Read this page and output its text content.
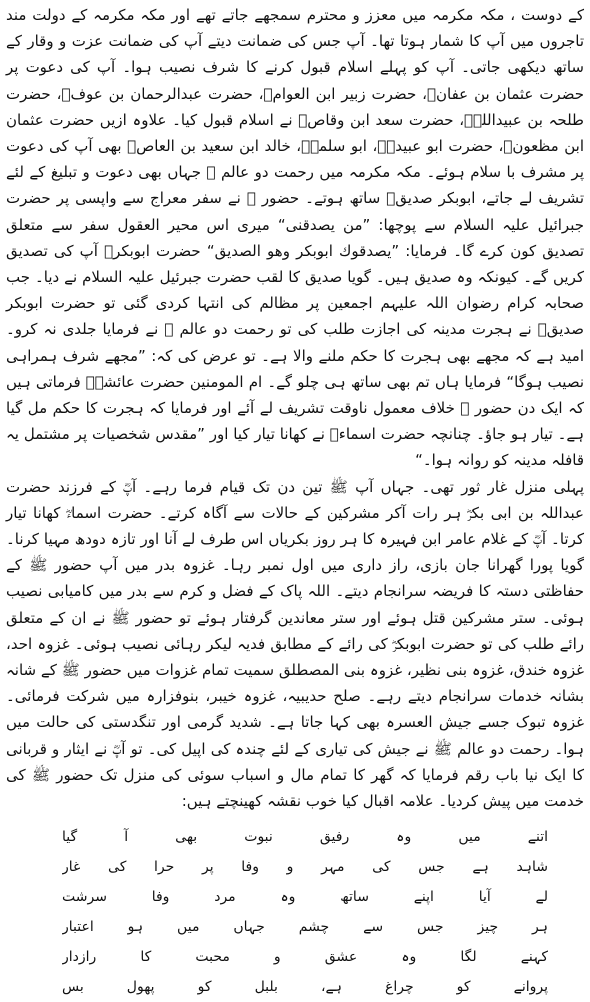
کے دوست ، مکہ مکرمہ میں معزز و محترم سمجھے جاتے تھے اور مکہ مکرمہ کے دولت مند تاجروں میں آپ کا شمار ہوتا تھا۔ آپ جس کی ضمانت دیتے آپ کی ضمانت عزت و وقار کے ساتھ دیکھی جاتی۔ آپ کو پہلے اسلام قبول کرنے کا شرف نصیب ہوا۔ آپ کی دعوت پر حضرت عثمان بن عفانؓ، حضرت زبیر ابن العوامؓ، حضرت عبدالرحمان بن عوفؓ، حضرت طلحہ بن عبیداللہؓ، حضرت سعد ابن وقاصؓ نے اسلام قبول کیا۔ علاوہ ازیں حضرت عثمان ابن مظعونؓ، حضرت ابو عبیدہؓ، ابو سلمہؓ، خالد ابن سعید بن العاصؓ بھی آپ کی دعوت پر مشرف با سلام ہوئے۔ مکہ مکرمہ میں رحمت دو عالم ﷺ جہاں بھی دعوت و تبلیغ کے لئے تشریف لے جاتے، ابوبکر صدیقؓ ساتھ ہوتے۔ حضور ﷺ نے سفر معراج سے واپسی پر حضرت جبرائیل علیہ السلام سے پوچھا: ”من یصدقنی“ میری اس محیر العقول سفر سے متعلق تصدیق کون کرے گا۔ فرمایا: ”یصدقوك ابوبکر وھو الصدیق“ حضرت ابوبکرؓ آپ کی تصدیق کریں گے۔ کیونکہ وہ صدیق ہیں۔ گویا صدیق کا لقب حضرت جبرئیل علیہ السلام نے دیا۔ جب صحابہ کرام رضوان اللہ علیہم اجمعین پر مظالم کی انتہا کردی گئی تو حضرت ابوبکر صدیقؓ نے ہجرت مدینہ کی اجازت طلب کی تو رحمت دو عالم ﷺ نے فرمایا جلدی نہ کرو۔ امید ہے کہ مجھے بھی ہجرت کا حکم ملنے والا ہے۔ تو عرض کی کہ: ”مجھے شرف ہمراہی نصیب ہوگا“ فرمایا ہاں تم بھی ساتھ ہی چلو گے۔ ام المومنین حضرت عائشہؓ فرماتی ہیں کہ ایک دن حضور ﷺ خلاف معمول ناوقت تشریف لے آئے اور فرمایا کہ ہجرت کا حکم مل گیا ہے۔ تیار ہو جاؤ۔ چنانچہ حضرت اسماءؓ نے کھانا تیار کیا اور ”مقدس شخصیات پر مشتمل یہ قافلہ مدینہ کو روانہ ہوا۔“

پہلی منزل غار ثور تھی۔ جہاں آپ ﷺ تین دن تک قیام فرما رہے۔ آپؓ کے فرزند حضرت عبداللہ بن ابی بکرؓ ہر رات آکر مشرکین کے حالات سے آگاہ کرتے۔ حضرت اسماءؓ کھانا تیار کرتا۔ آپؓ کے غلام عامر ابن فہیرہ کا ہر روز بکریاں اس طرف لے آنا اور تازہ دودھ مہیا کرنا۔ گویا پورا گھرانا جان بازی، راز داری میں اول نمبر رہا۔ غزوہ بدر میں آپ حضور ﷺ کے حفاظتی دستہ کا فریضہ سرانجام دیتے۔ اللہ پاک کے فضل و کرم سے بدر میں کامیابی نصیب ہوئی۔ ستر مشرکین قتل ہوئے اور ستر معاندین گرفتار ہوئے تو حضور ﷺ نے ان کے متعلق رائے طلب کی تو حضرت ابوبکرؓ کی رائے کے مطابق فدیہ لیکر رہائی نصیب ہوئی۔ غزوہ احد، غزوہ خندق، غزوہ بنی نظیر، غزوہ بنی المصطلق سمیت تمام غزوات میں حضور ﷺ کے شانہ بشانہ خدمات سرانجام دیتے رہے۔ صلح حدیبیہ، غزوہ خیبر، بنوفزارہ میں شرکت فرمائی۔ غزوہ تبوک جسے جیش العسرہ بھی کہا جاتا ہے۔ شدید گرمی اور تنگدستی کی حالت میں ہوا۔ رحمت دو عالم ﷺ نے جیش کی تیاری کے لئے چندہ کی اپیل کی۔ تو آپؓ نے ایثار و قربانی کا ایک نیا باب رقم فرمایا کہ گھر کا تمام مال و اسباب سوئی کی منزل تک حضور ﷺ کی خدمت میں پیش کردیا۔ علامہ اقبال کیا خوب نقشہ کھینچتے ہیں:

اتنے میں وہ رفیق نبوت بھی آ گیا
شاہد ہے جس کی مہر و وفا پر حرا کی غار
لے آیا اپنے ساتھ وہ مرد وفا سرشت
ہر چیز جس سے چشم جہاں میں ہو اعتبار
کہنے لگا وہ عشق و محبت کا رازدار
پروانے کو چراغ ہے، بلبل کو پھول بس
